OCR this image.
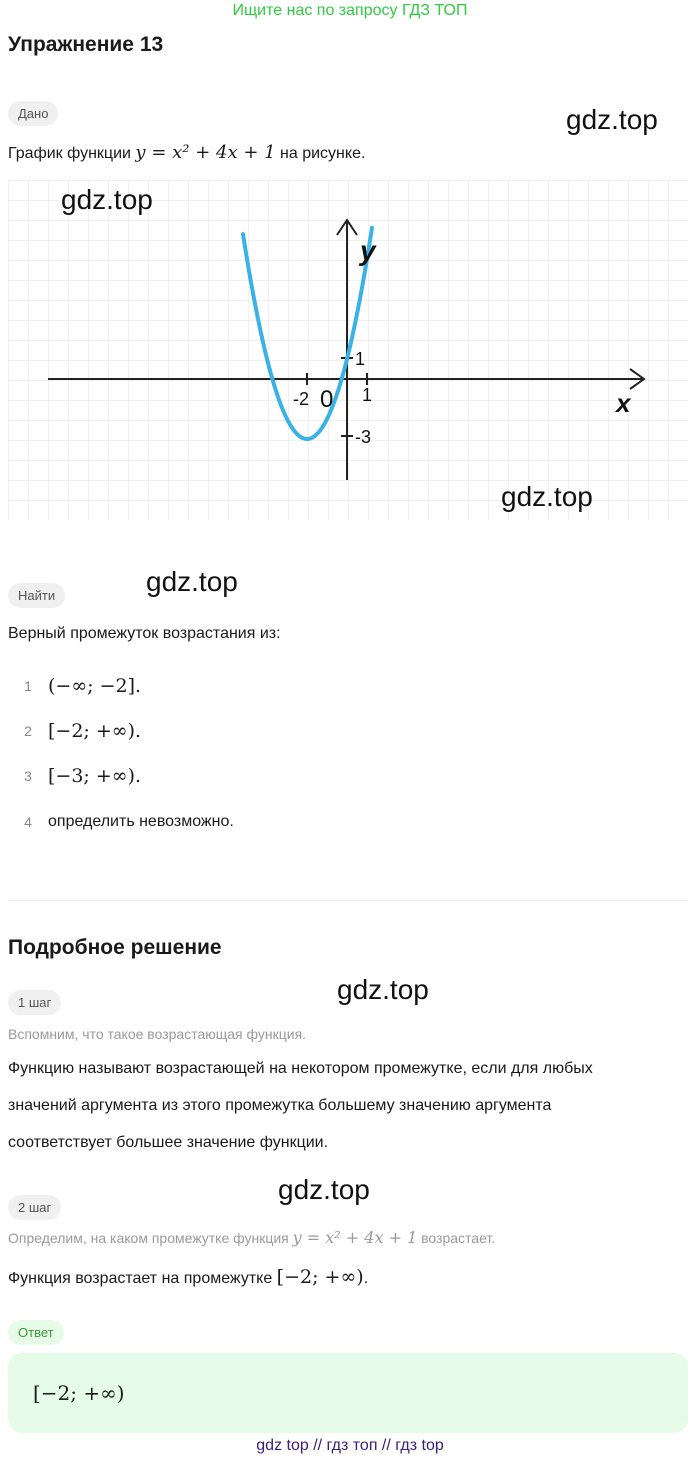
Ищите нас по запросу ГДЗ ТОП
Упражнение 13
Дано	gdz.top
График функции y = x² + 4x + 1 на рисунке.
-2	1
0
1
-3
y
x
gdz.top
gdz.top
Найти	gdz.top
Верный промежуток возрастания из:
1 (−∞; −2].
2 [−2; +∞).
3 [−3; +∞).
4 определить невозможно.
Подробное решение
1 шаг	gdz.top
Вспомним, что такое возрастающая функция.
Функцию называют возрастающей на некотором промежутке, если для любых
значений аргумента из этого промежутка большему значению аргумента
соответствует большее значение функции.
2 шаг
gdz.top
Определим, на каком промежутке функция y = x² + 4x + 1 возрастает.
Функция возрастает на промежутке [−2; +∞).
Ответ
[−2; +∞)
gdz top // гдз топ // гдз top
